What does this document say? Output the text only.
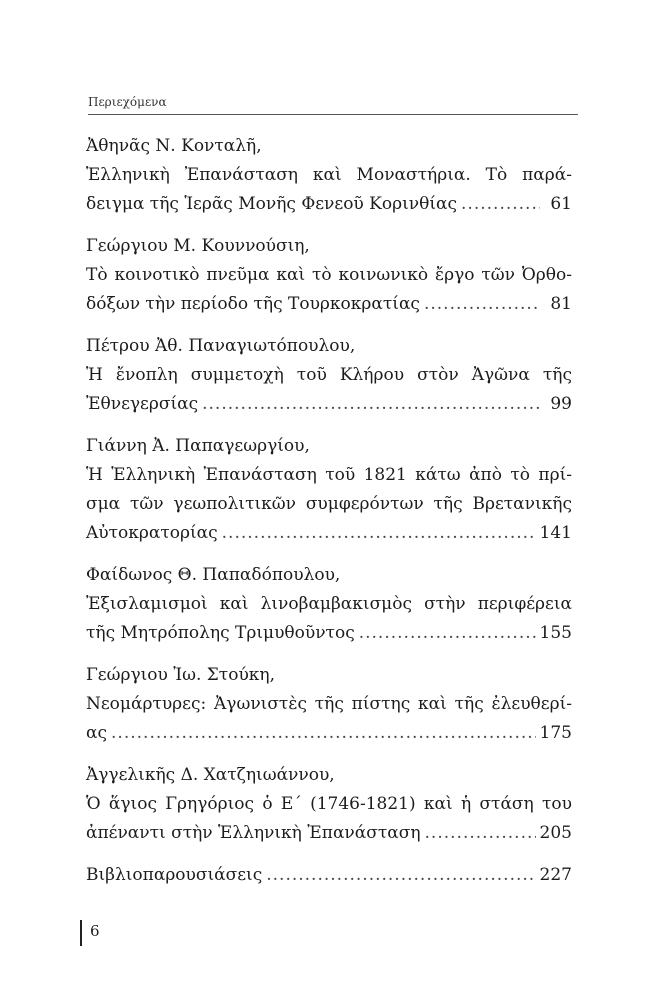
Περιεχόμενα
Ἀθηνᾶς Ν. Κονταλῆ,
Ἑλληνικὴ Ἐπανάσταση καὶ Μοναστήρια. Τὸ παρά-
δειγμα τῆς Ἱερᾶς Μονῆς Φενεοῦ Κορινθίας .....	61
Γεώργιου Μ. Κουννούσιη,
Τὸ κοινοτικὸ πνεῦμα καὶ τὸ κοινωνικὸ ἔργο τῶν Ὀρθο-
δόξων τὴν περίοδο τῆς Τουρκοκρατίας .....	81
Πέτρου Ἀθ. Παναγιωτόπουλου,
Ἡ ἔνοπλη συμμετοχὴ τοῦ Κλήρου στὸν Ἀγῶνα τῆς
Ἐθνεγερσίας .....	99
Γιάννη Ἀ. Παπαγεωργίου,
Ἡ Ἑλληνικὴ Ἐπανάσταση τοῦ 1821 κάτω ἀπὸ τὸ πρί-
σμα τῶν γεωπολιτικῶν συμφερόντων τῆς Βρετανικῆς
Αὐτοκρατορίας .....	141
Φαίδωνος Θ. Παπαδόπουλου,
Ἐξισλαμισμοὶ καὶ λινοβαμβακισμὸς στὴν περιφέρεια
τῆς Μητρόπολης Τριμυθοῦντος .....	155
Γεώργιου Ἰω. Στούκη,
Νεομάρτυρες: Ἀγωνιστὲς τῆς πίστης καὶ τῆς ἐλευθερί-
ας .....	175
Ἀγγελικῆς Δ. Χατζηιωάννου,
Ὁ ἅγιος Γρηγόριος ὁ Ε΄ (1746-1821) καὶ ἡ στάση του
ἀπέναντι στὴν Ἑλληνικὴ Ἐπανάσταση .....	205
Βιβλιοπαρουσιάσεις .....	227
6
